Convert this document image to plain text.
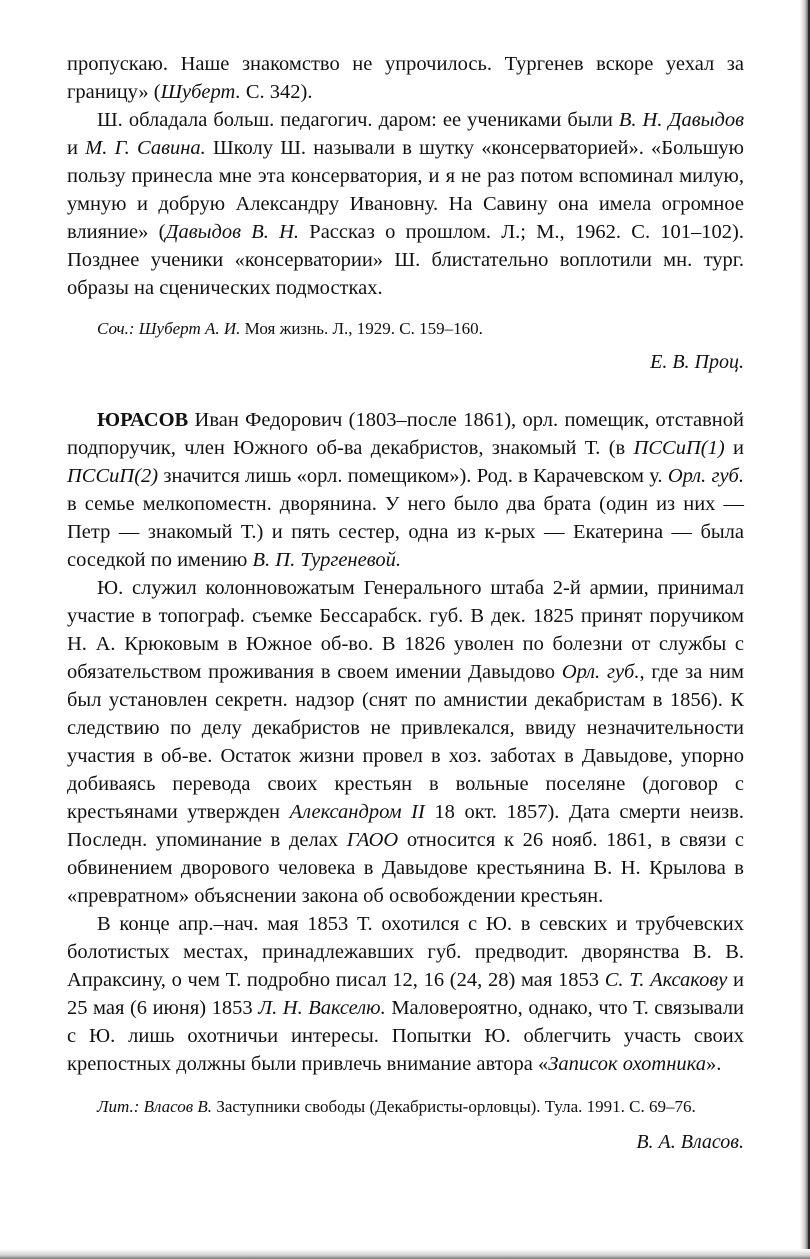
пропускаю. Наше знакомство не упрочилось. Тургенев вскоре уехал за границу» (Шуберт. С. 342).

Ш. обладала больш. педагогич. даром: ее учениками были В. Н. Давыдов и М. Г. Савина. Школу Ш. называли в шутку «консерваторией». «Большую пользу принесла мне эта консерватория, и я не раз потом вспоминал милую, умную и добрую Александру Ивановну. На Савину она имела огромное влияние» (Давыдов В. Н. Рассказ о прошлом. Л.; М., 1962. С. 101–102). Позднее ученики «консерватории» Ш. блистательно воплотили мн. тург. образы на сценических подмостках.

Соч.: Шуберт А. И. Моя жизнь. Л., 1929. С. 159–160.

Е. В. Проц.

ЮРАСОВ Иван Федорович (1803–после 1861), орл. помещик, отставной подпоручик, член Южного об-ва декабристов, знакомый Т. (в ПССиП(1) и ПССиП(2) значится лишь «орл. помещиком»). Род. в Карачевском у. Орл. губ. в семье мелкопоместн. дворянина. У него было два брата (один из них — Петр — знакомый Т.) и пять сестер, одна из к-рых — Екатерина — была соседкой по имению В. П. Тургеневой.

Ю. служил колонновожатым Генерального штаба 2-й армии, принимал участие в топограф. съемке Бессарабск. губ. В дек. 1825 принят поручиком Н. А. Крюковым в Южное об-во. В 1826 уволен по болезни от службы с обязательством проживания в своем имении Давыдово Орл. губ., где за ним был установлен секретн. надзор (снят по амнистии декабристам в 1856). К следствию по делу декабристов не привлекался, ввиду незначительности участия в об-ве. Остаток жизни провел в хоз. заботах в Давыдове, упорно добиваясь перевода своих крестьян в вольные поселяне (договор с крестьянами утвержден Александром II 18 окт. 1857). Дата смерти неизв. Последн. упоминание в делах ГАОО относится к 26 нояб. 1861, в связи с обвинением дворового человека в Давыдове крестьянина В. Н. Крылова в «превратном» объяснении закона об освобождении крестьян.

В конце апр.–нач. мая 1853 Т. охотился с Ю. в севских и трубчевских болотистых местах, принадлежавших губ. предводит. дворянства В. В. Апраксину, о чем Т. подробно писал 12, 16 (24, 28) мая 1853 С. Т. Аксакову и 25 мая (6 июня) 1853 Л. Н. Вакселю. Маловероятно, однако, что Т. связывали с Ю. лишь охотничьи интересы. Попытки Ю. облегчить участь своих крепостных должны были привлечь внимание автора «Записок охотника».

Лит.: Власов В. Заступники свободы (Декабристы-орловцы). Тула. 1991. С. 69–76.

В. А. Власов.
